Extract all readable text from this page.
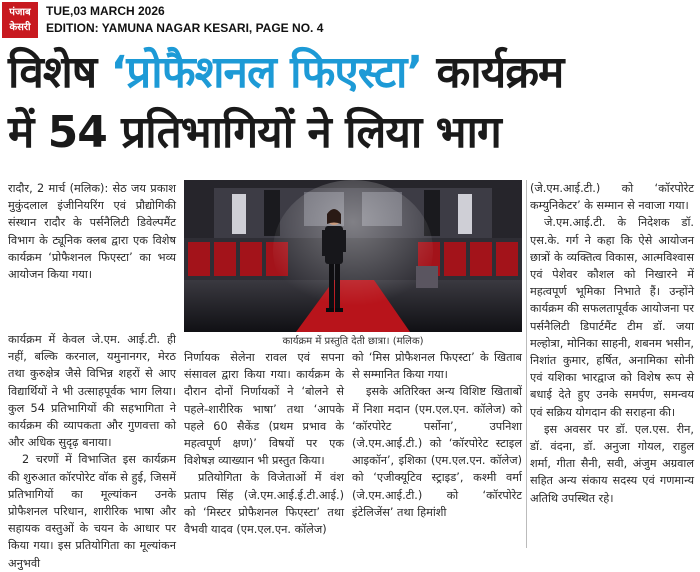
पंजाब
केसरी
TUE,03 MARCH 2026
EDITION: YAMUNA NAGAR KESARI, PAGE NO. 4
विशेष ‘प्रोफैशनल फिएस्टा’ कार्यक्रम
में 54 प्रतिभागियों ने लिया भाग

रादौर, 2 मार्च (मलिक): सेठ जय प्रकाश मुकुंदलाल इंजीनियरिंग एवं प्रौद्योगिकी संस्थान रादौर के पर्सनैलिटी डिवेल्पमैंट विभाग के ट्यूनिक क्लब द्वारा एक विशेष कार्यक्रम ‘प्रोफैशनल फिएस्टा’ का भव्य आयोजन किया गया।

कार्यक्रम में केवल जे.एम. आई.टी. ही नहीं, बल्कि करनाल, यमुनानगर, मेरठ तथा कुरुक्षेत्र जैसे विभिन्न शहरों से आए विद्यार्थियों ने भी उत्साहपूर्वक भाग लिया। कुल 54 प्रतिभागियों की सहभागिता ने कार्यक्रम की व्यापकता और गुणवत्ता को और अधिक सुदृढ़ बनाया।

2 चरणों में विभाजित इस कार्यक्रम की शुरुआत कॉरपोरेट वॉक से हुई, जिसमें प्रतिभागियों का मूल्यांकन उनके प्रोफैशनल परिधान, शारीरिक भाषा और सहायक वस्तुओं के चयन के आधार पर किया गया। इस प्रतियोगिता का मूल्यांकन अनुभवी

कार्यक्रम में प्रस्तुति देती छात्रा। (मलिक)

निर्णायक सेलेना रावल एवं सपना संसावल द्वारा किया गया। कार्यक्रम के दौरान दोनों निर्णायकों ने ‘बोलने से पहले-शारीरिक भाषा’ तथा ‘आपके पहले 60 सैकेंड (प्रथम प्रभाव के महत्वपूर्ण क्षण)’ विषयों पर एक विशेषज्ञ व्याख्यान भी प्रस्तुत किया।

प्रतियोगिता के विजेताओं में वंश प्रताप सिंह (जे.एम.आई.ई.टी.आई.) को ‘मिस्टर प्रोफैशनल फिएस्टा’ तथा वैभवी यादव (एम.एल.एन. कॉलेज)

को ‘मिस प्रोफैशनल फिएस्टा’ के खिताब से सम्मानित किया गया।

इसके अतिरिक्त अन्य विशिष्ट खिताबों में निशा मदान (एम.एल.एन. कॉलेज) को ‘कॉरपोरेट पर्सोना’, उपनिशा (जे.एम.आई.टी.) को ‘कॉरपोरेट स्टाइल आइकॉन’, इशिका (एम.एल.एन. कॉलेज) को ‘एजीक्यूटिव स्ट्राइड’, कश्मी वर्मा (जे.एम.आई.टी.) को ‘कॉरपोरेट इंटेलिजेंस’ तथा हिमांशी

(जे.एम.आई.टी.) को ‘कॉरपोरेट कम्युनिकेटर’ के सम्मान से नवाजा गया।

जे.एम.आई.टी. के निदेशक डॉ. एस.के. गर्ग ने कहा कि ऐसे आयोजन छात्रों के व्यक्तित्व विकास, आत्मविश्वास एवं पेशेवर कौशल को निखारने में महत्वपूर्ण भूमिका निभाते हैं। उन्होंने कार्यक्रम की सफलतापूर्वक आयोजना पर पर्सनैलिटी डिपार्टमैंट टीम डॉ. जया मल्होत्रा, मोनिका साहनी, शबनम भसीन, निशांत कुमार, हर्षित, अनामिका सोनी एवं यशिका भारद्वाज को विशेष रूप से बधाई देते हुए उनके समर्पण, समन्वय एवं सक्रिय योगदान की सराहना की।

इस अवसर पर डॉ. एल.एस. रीन, डॉ. वंदना, डॉ. अनुजा गोयल, राहुल शर्मा, गीता सैनी, सवी, अंजुम अग्रवाल सहित अन्य संकाय सदस्य एवं गणमान्य अतिथि उपस्थित रहे।
